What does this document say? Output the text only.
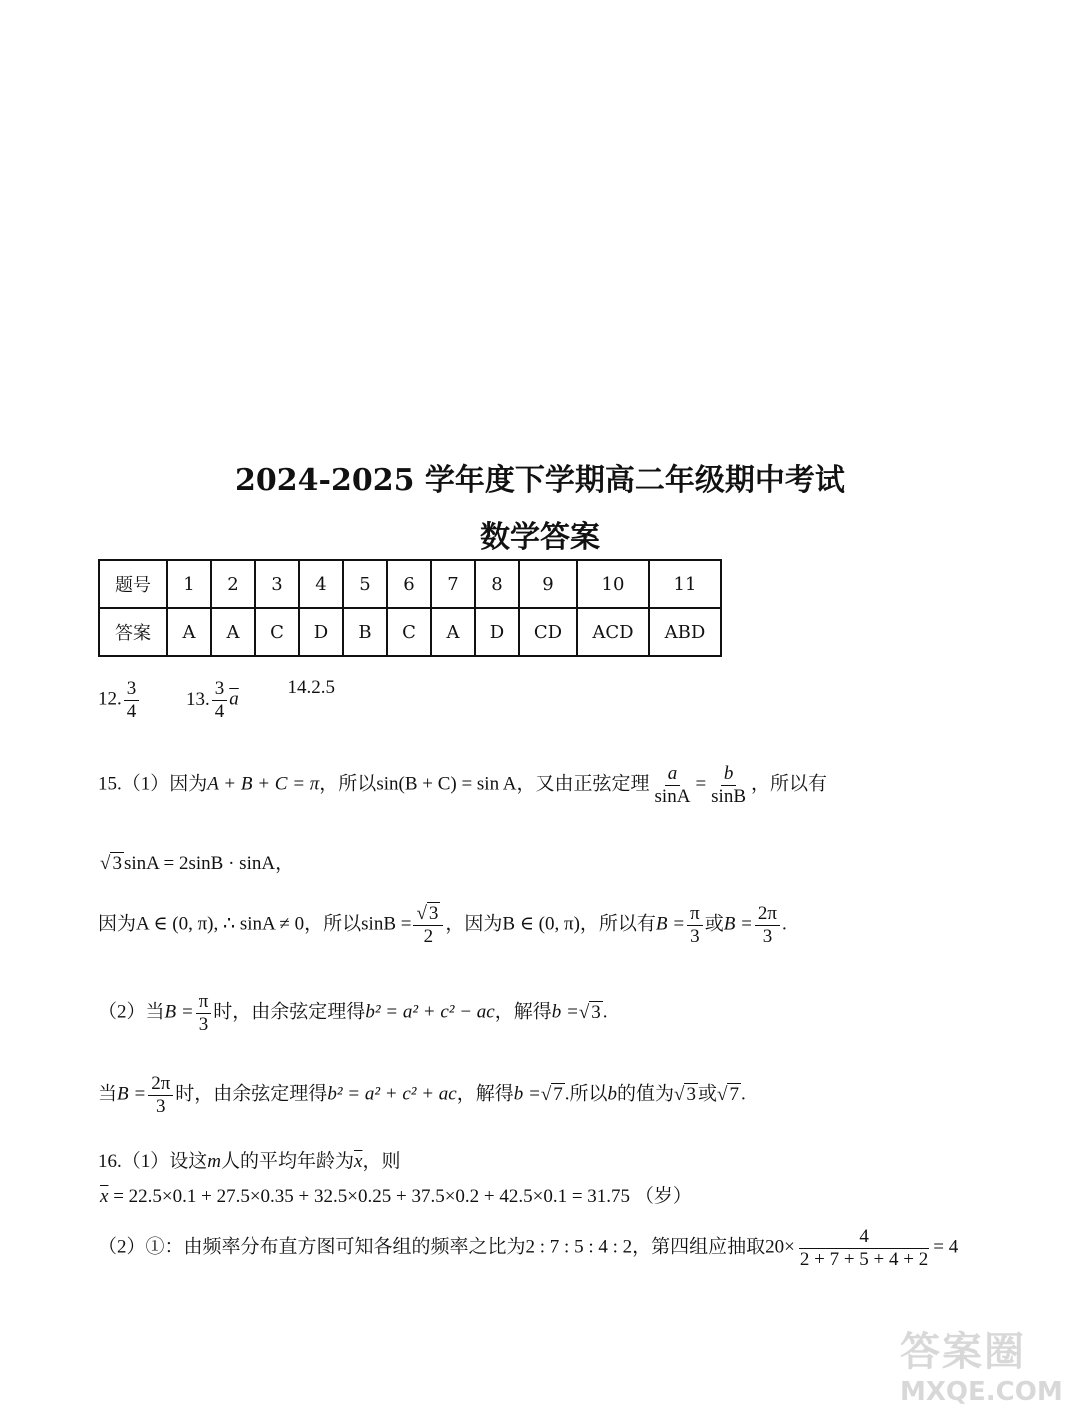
2024-2025 学年度下学期高二年级期中考试
数学答案
题号	1	2	3	4	5	6	7	8	9	10	11
答案	A	A	C	D	B	C	A	D	CD	ACD	ABD
12. $\frac{3}{4} 13$. $\frac{3}{4} \overline{a}$ 14.2.5
15.（1）因为A + B + C = π，所以sin(B + C) = sin A，又由正弦定理 $\frac{a}{\sin A} = \frac{b}{\sin B}$ ，所以有
√ 3 sinA = 2sinB · sinA，
因为A ∈ (0, π), ∴ sinA ≠ 0，所以$\sin B = \frac{√ 3}{2}$ ，因为B ∈ (0, π)，所以有$B = \frac{\pi}{3}$ 或$B = \frac{2\pi}{3}$ .
（2）当$B = \frac{\pi}{3}$ 时，由余弦定理得b² = a² + c² − ac，解得b =√ 3 .
当$B = \frac{2\pi}{3}$ 时，由余弦定理得b² = a² + c² + ac，解得b =√ 7 .所以b的值为√ 3 或√ 7 .
16.（1）设这m人的平均年龄为$\overline{x}$，则
$\overline{x} = 22.5\times 0.1 + 27.5\times 0.35 + 32.5\times 0.25 + 37.5\times 0.2 + 42.5\times 0.1 = 31.75$ （岁）
（2）①：由频率分布直方图可知各组的频率之比为2 : 7 : 5 : 4 : 2，第四组应抽取$20\times \frac{4}{2 + 7 + 5 + 4 + 2} = 4$
答案圈
MXQE.COM
